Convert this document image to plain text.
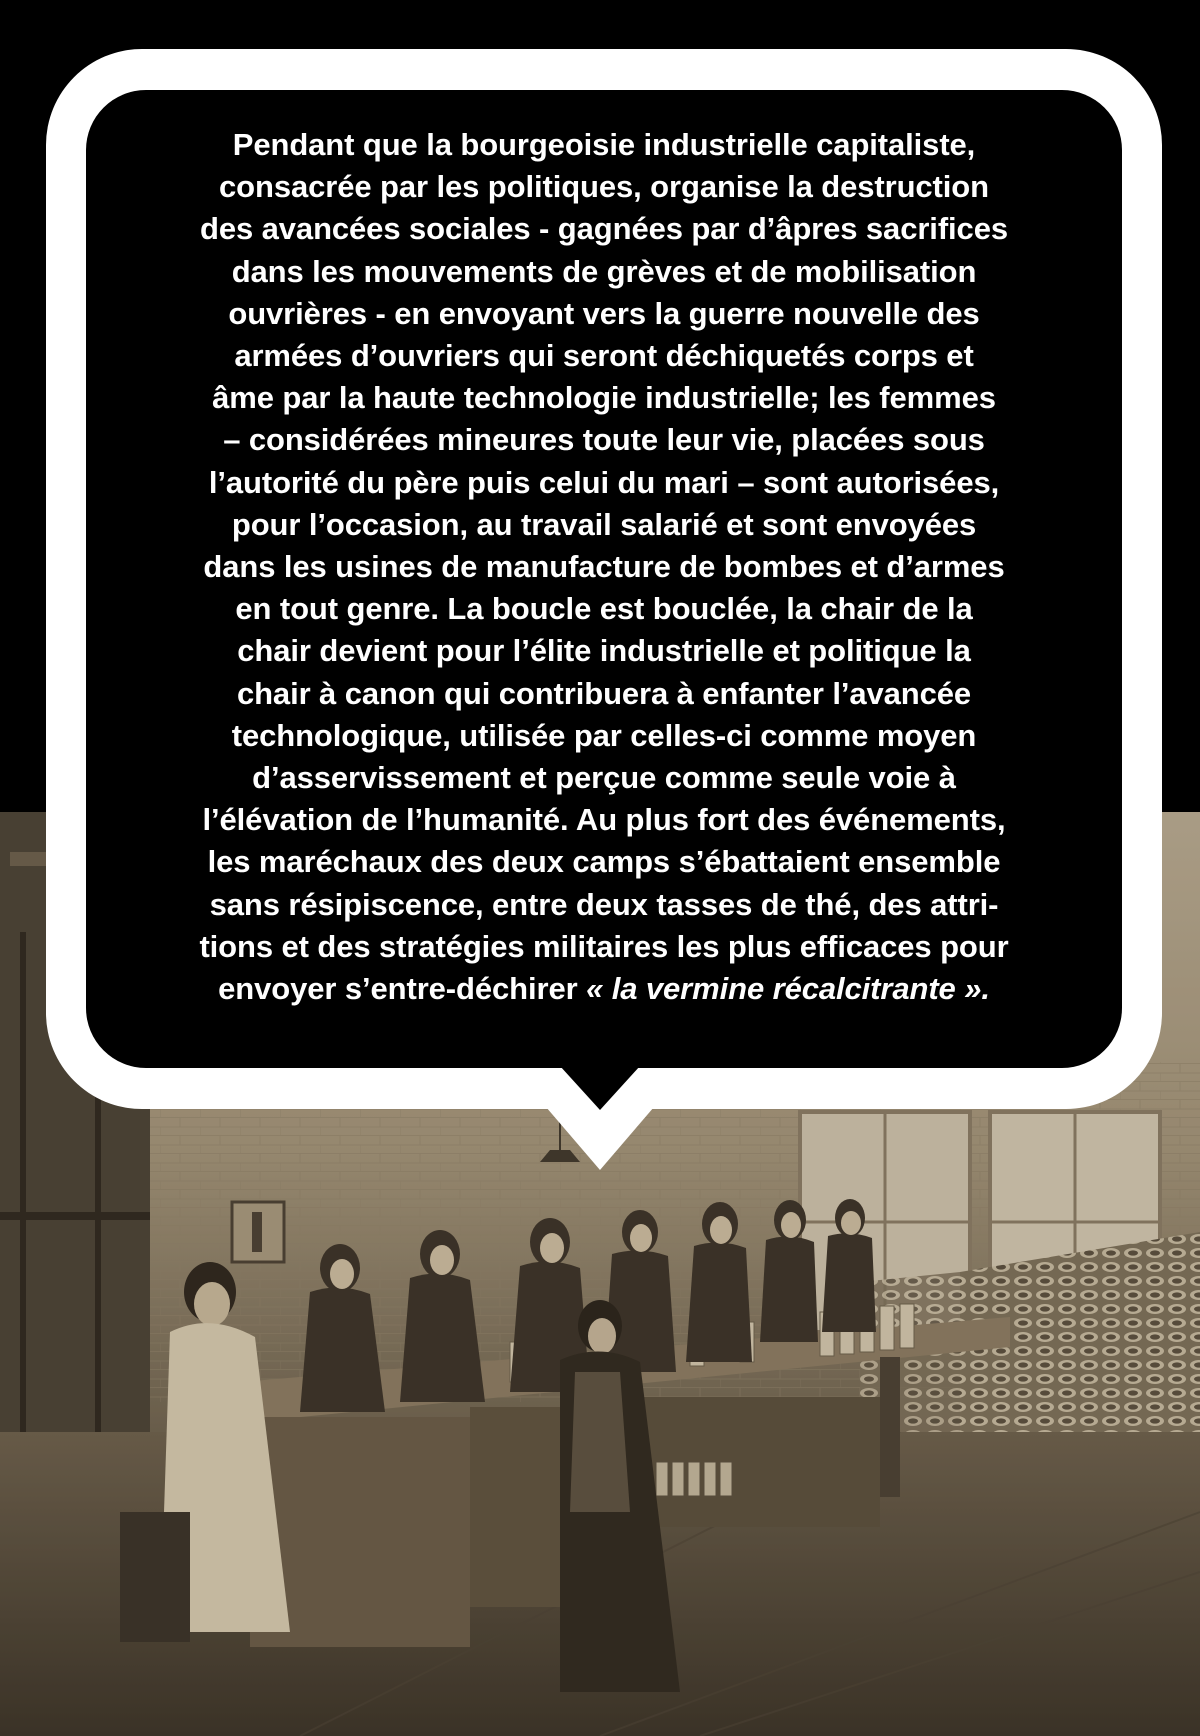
Pendant que la bourgeoisie industrielle capitaliste,
consacrée par les politiques, organise la destruction
des avancées sociales - gagnées par d’âpres sacrifices
dans les mouvements de grèves et de mobilisation
ouvrières - en envoyant vers la guerre nouvelle des
armées d’ouvriers qui seront déchiquetés corps et
âme par la haute technologie industrielle; les femmes
– considérées mineures toute leur vie, placées sous
l’autorité du père puis celui du mari – sont autorisées,
pour l’occasion, au travail salarié et sont envoyées
dans les usines de manufacture de bombes et d’armes
en tout genre. La boucle est bouclée, la chair de la
chair devient pour l’élite industrielle et politique la
chair à canon qui contribuera à enfanter l’avancée
technologique, utilisée par celles-ci comme moyen
d’asservissement et perçue comme seule voie à
l’élévation de l’humanité. Au plus fort des événements,
les maréchaux des deux camps s’ébattaient ensemble
sans résipiscence, entre deux tasses de thé, des attri-
tions et des stratégies militaires les plus efficaces pour
envoyer s’entre-déchirer « la vermine récalcitrante ».
